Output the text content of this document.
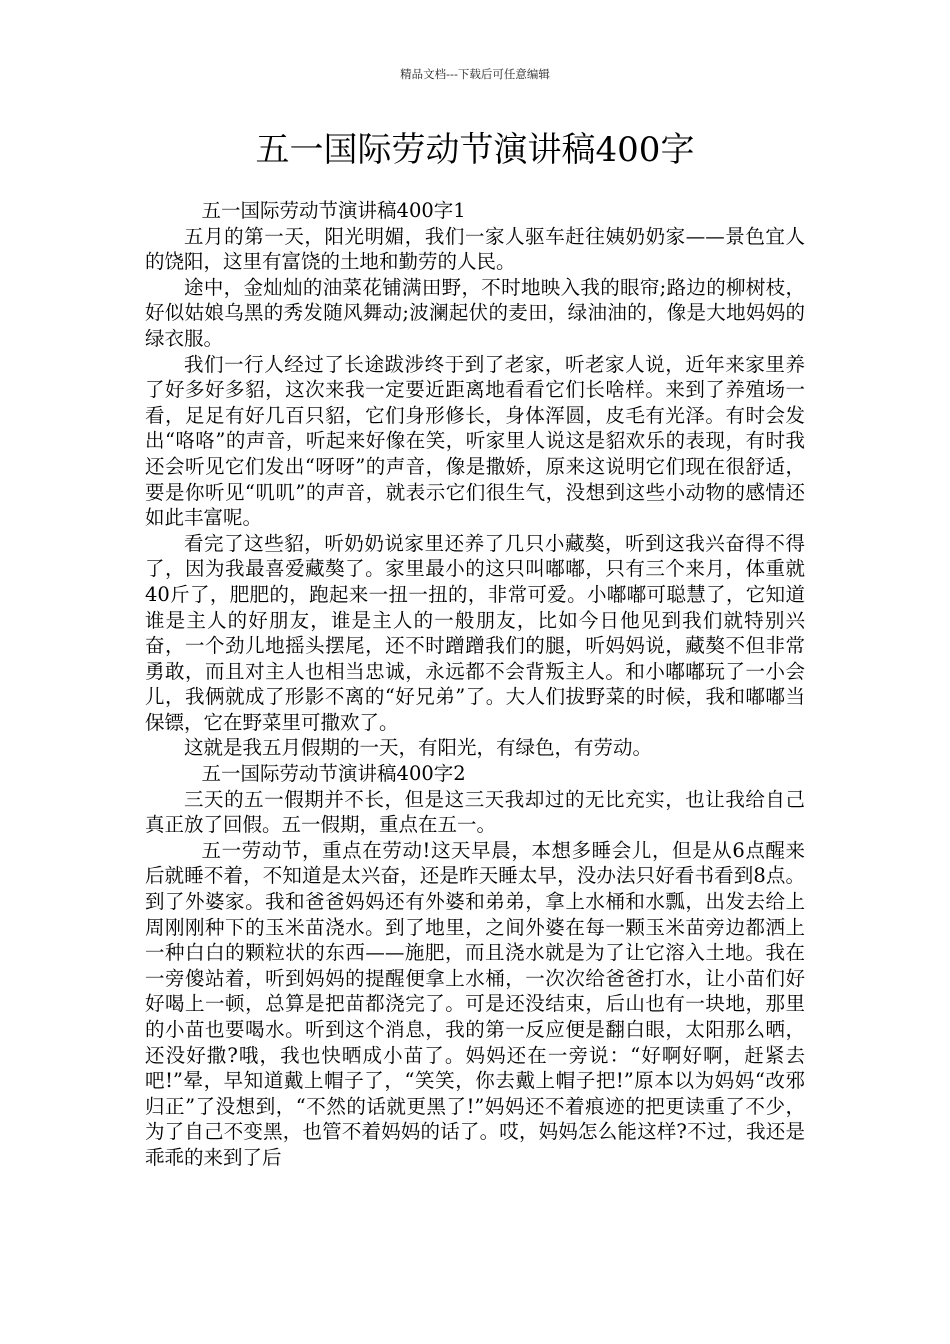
精品文档---下载后可任意编辑
五一国际劳动节演讲稿400字

五一国际劳动节演讲稿400字1

五月的第一天，阳光明媚，我们一家人驱车赶往姨奶奶家——景色宜人的饶阳，这里有富饶的土地和勤劳的人民。

途中，金灿灿的油菜花铺满田野，不时地映入我的眼帘;路边的柳树枝，好似姑娘乌黑的秀发随风舞动;波澜起伏的麦田，绿油油的，像是大地妈妈的绿衣服。

我们一行人经过了长途跋涉终于到了老家，听老家人说，近年来家里养了好多好多貂，这次来我一定要近距离地看看它们长啥样。来到了养殖场一看，足足有好几百只貂，它们身形修长，身体浑圆，皮毛有光泽。有时会发出“咯咯”的声音，听起来好像在笑，听家里人说这是貂欢乐的表现，有时我还会听见它们发出“呀呀”的声音，像是撒娇，原来这说明它们现在很舒适，要是你听见“叽叽”的声音，就表示它们很生气，没想到这些小动物的感情还如此丰富呢。

看完了这些貂，听奶奶说家里还养了几只小藏獒，听到这我兴奋得不得了，因为我最喜爱藏獒了。家里最小的这只叫嘟嘟，只有三个来月，体重就40斤了，肥肥的，跑起来一扭一扭的，非常可爱。小嘟嘟可聪慧了，它知道谁是主人的好朋友，谁是主人的一般朋友，比如今日他见到我们就特别兴奋，一个劲儿地摇头摆尾，还不时蹭蹭我们的腿，听妈妈说，藏獒不但非常勇敢，而且对主人也相当忠诚，永远都不会背叛主人。和小嘟嘟玩了一小会儿，我俩就成了形影不离的“好兄弟”了。大人们拔野菜的时候，我和嘟嘟当保镖，它在野菜里可撒欢了。

这就是我五月假期的一天，有阳光，有绿色，有劳动。

五一国际劳动节演讲稿400字2

三天的五一假期并不长，但是这三天我却过的无比充实，也让我给自己真正放了回假。五一假期，重点在五一。

五一劳动节，重点在劳动!这天早晨，本想多睡会儿，但是从6点醒来后就睡不着，不知道是太兴奋，还是昨天睡太早，没办法只好看书看到8点。到了外婆家。我和爸爸妈妈还有外婆和弟弟，拿上水桶和水瓢，出发去给上周刚刚种下的玉米苗浇水。到了地里，之间外婆在每一颗玉米苗旁边都洒上一种白白的颗粒状的东西——施肥，而且浇水就是为了让它溶入土地。我在一旁傻站着，听到妈妈的提醒便拿上水桶，一次次给爸爸打水，让小苗们好好喝上一顿，总算是把苗都浇完了。可是还没结束，后山也有一块地，那里的小苗也要喝水。听到这个消息，我的第一反应便是翻白眼，太阳那么晒，还没好撒?哦，我也快晒成小苗了。妈妈还在一旁说：“好啊好啊，赶紧去吧!”晕，早知道戴上帽子了，“笑笑，你去戴上帽子把!”原本以为妈妈“改邪归正”了没想到，“不然的话就更黑了!”妈妈还不着痕迹的把更读重了不少，为了自己不变黑，也管不着妈妈的话了。哎，妈妈怎么能这样?不过，我还是乖乖的来到了后
